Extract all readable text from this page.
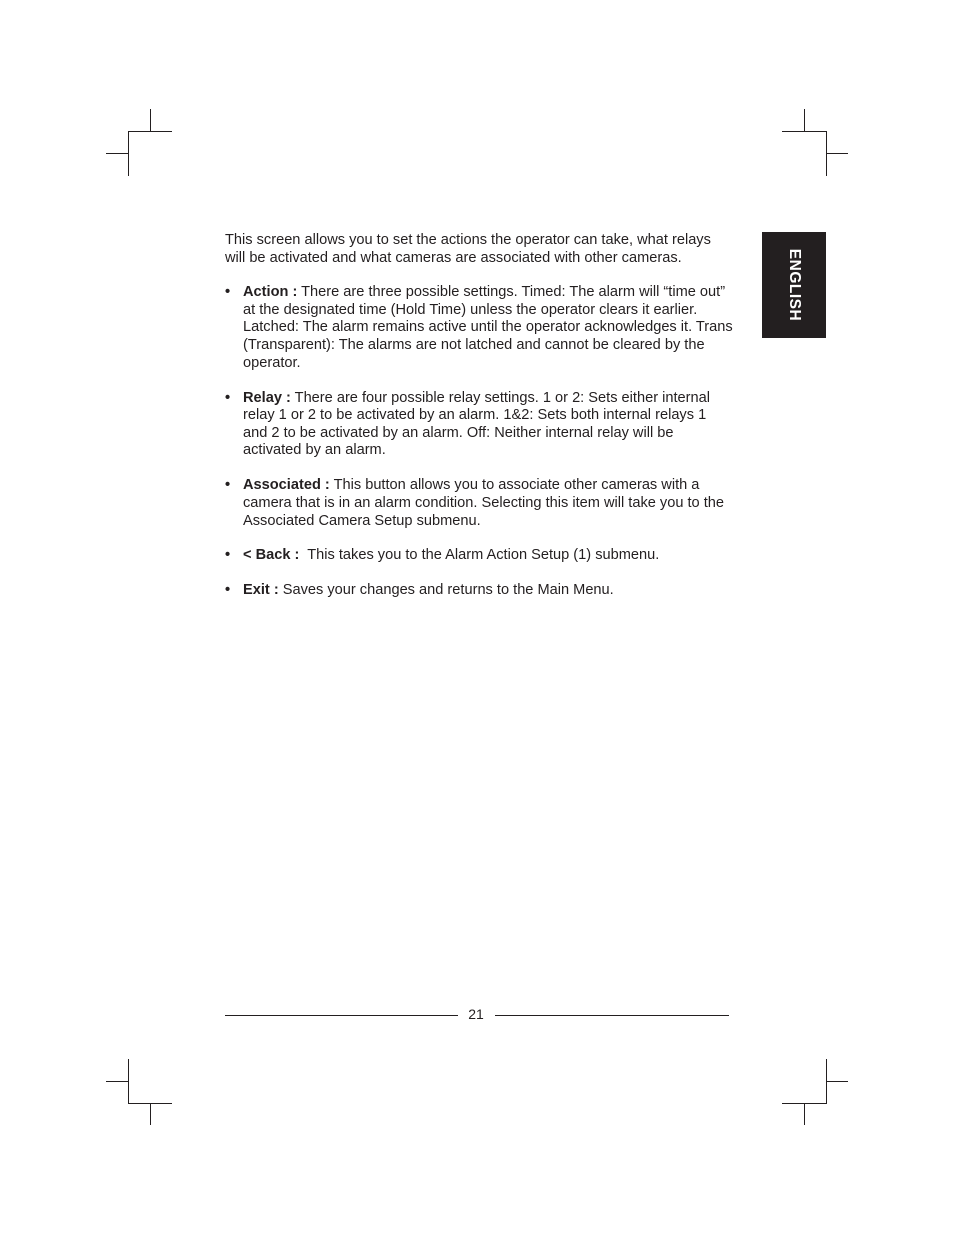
ENGLISH

This screen allows you to set the actions the operator can take, what relays will be activated and what cameras are associated with other cameras.

• Action : There are three possible settings. Timed: The alarm will “time out” at the designated time (Hold Time) unless the operator clears it earlier. Latched: The alarm remains active until the operator acknowledges it. Trans (Transparent): The alarms are not latched and cannot be cleared by the operator.
• Relay : There are four possible relay settings. 1 or 2: Sets either internal relay 1 or 2 to be activated by an alarm. 1&2: Sets both internal relays 1 and 2 to be activated by an alarm. Off: Neither internal relay will be activated by an alarm.
• Associated : This button allows you to associate other cameras with a camera that is in an alarm condition. Selecting this item will take you to the Associated Camera Setup submenu.
• < Back :  This takes you to the Alarm Action Setup (1) submenu.
• Exit : Saves your changes and returns to the Main Menu.
21
